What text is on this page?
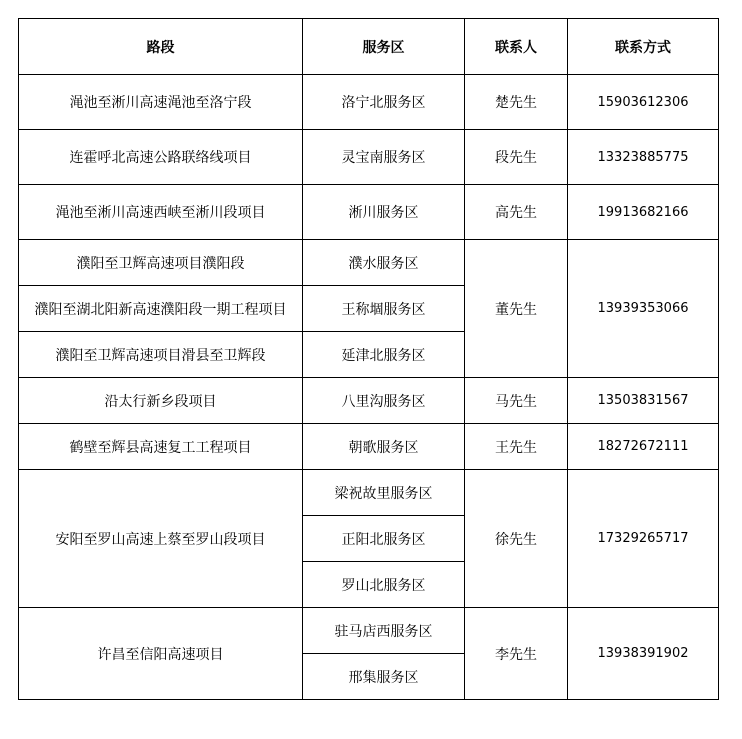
路段	服务区	联系人	联系方式
渑池至淅川高速渑池至洛宁段	洛宁北服务区	楚先生	15903612306
连霍呼北高速公路联络线项目	灵宝南服务区	段先生	13323885775
渑池至淅川高速西峡至淅川段项目	淅川服务区	高先生	19913682166
濮阳至卫辉高速项目濮阳段	濮水服务区	董先生	13939353066
濮阳至湖北阳新高速濮阳段一期工程项目	王称堌服务区		
濮阳至卫辉高速项目滑县至卫辉段	延津北服务区		
沿太行新乡段项目	八里沟服务区	马先生	13503831567
鹤壁至辉县高速复工工程项目	朝歌服务区	王先生	18272672111
安阳至罗山高速上蔡至罗山段项目	梁祝故里服务区	徐先生	17329265717
	正阳北服务区		
	罗山北服务区		
许昌至信阳高速项目	驻马店西服务区	李先生	13938391902
	邢集服务区		
